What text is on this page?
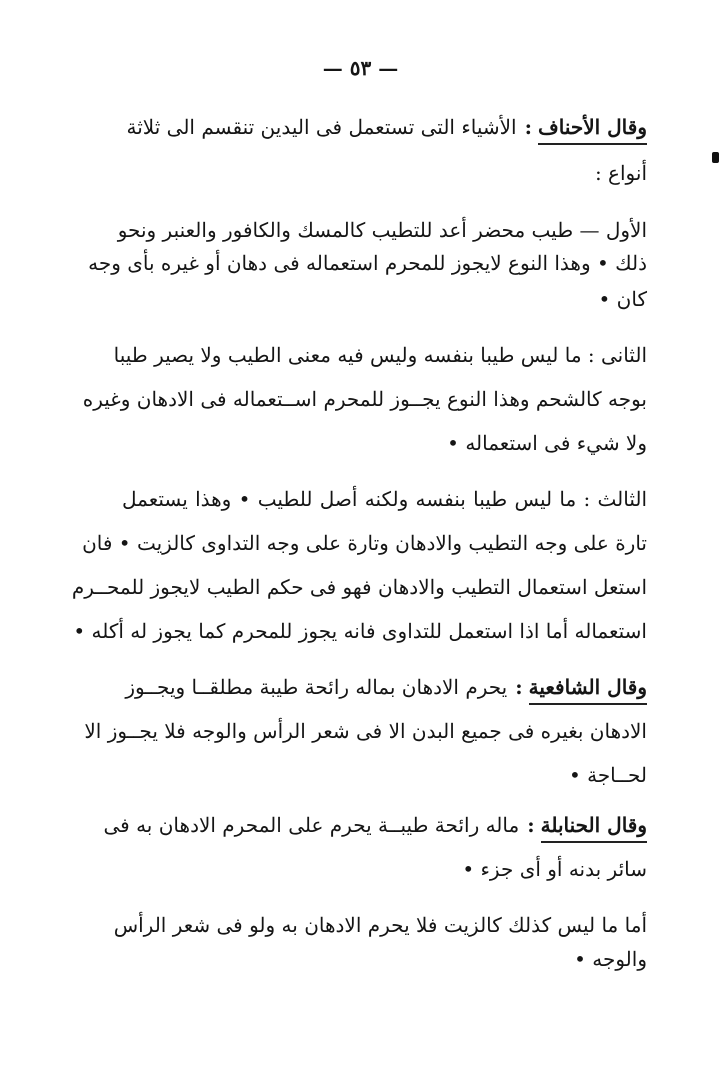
— ٥٣ —
وقال الأحناف:الأشياء التى تستعمل فى اليدين تنقسم الى ثلاثة
أنواع :
الأول — طيب محضر أعد للتطيب كالمسك والكافور والعنبر ونحو
ذلك • وهذا النوع لايجوز للمحرم استعماله فى دهان أو غيره بأى وجه
كان •
الثانى : ما ليس طيبا بنفسه وليس فيه معنى الطيب ولا يصير طيبا
بوجه كالشحم وهذا النوع يجــوز للمحرم اســتعماله فى الادهان وغيره
ولا شيء فى استعماله •
الثالث : ما ليس طيبا بنفسه ولكنه أصل للطيب • وهذا يستعمل
تارة على وجه التطيب والادهان وتارة على وجه التداوى كالزيت • فان
استعل استعمال التطيب والادهان فهو فى حكم الطيب لايجوز للمحــرم
استعماله أما اذا استعمل للتداوى فانه يجوز للمحرم كما يجوز له أكله •
وقال الشافعية:يحرم الادهان بماله رائحة طيبة مطلقــا ويجــوز
الادهان بغيره فى جميع البدن الا فى شعر الرأس والوجه فلا يجــوز الا
لحــاجة •
وقال الحنابلة:ماله رائحة طيبــة يحرم على المحرم الادهان به فى
سائر بدنه أو أى جزء •
أما ما ليس كذلك كالزيت فلا يحرم الادهان به ولو فى شعر الرأس
والوجه •
